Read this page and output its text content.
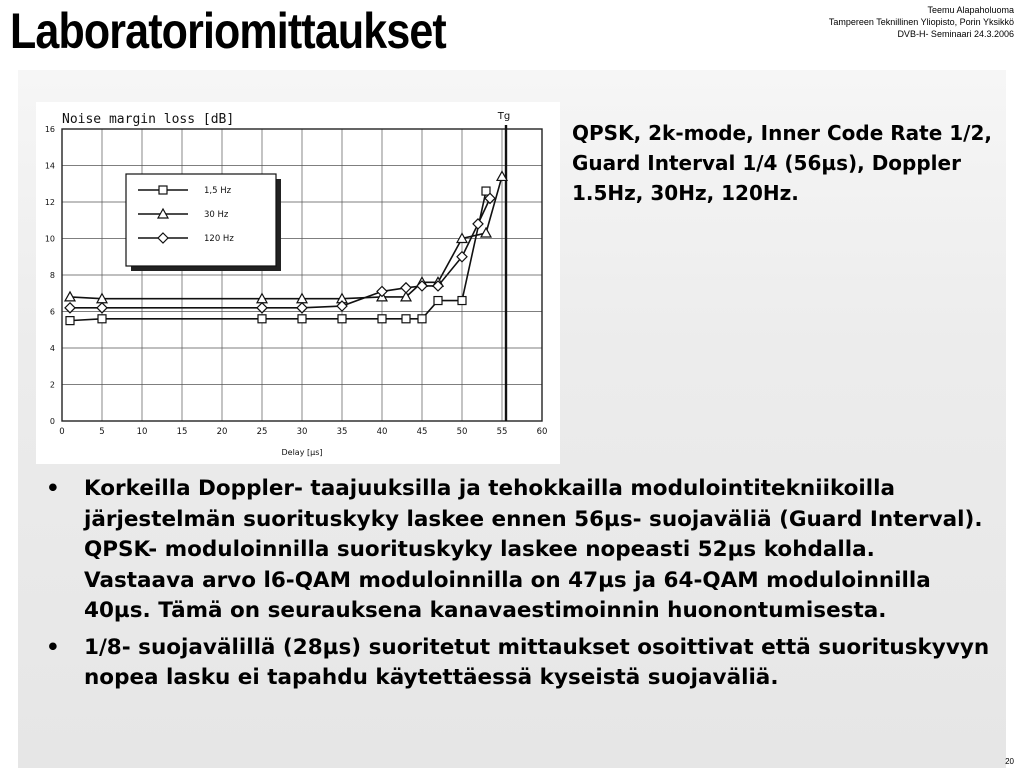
Laboratoriomittaukset	Teemu Alapaholuoma
Tampereen Teknillinen Yliopisto, Porin Yksikkö
DVB-H- Seminaari 24.3.2006
Noise margin loss [dB]	Tg
0	5	10	15	20	25	30	35	40	45	50	55	60
0
2
4
6
8
10
12
14
16
1,5 Hz
30 Hz
120 Hz
Delay [µs]
QPSK, 2k-mode, Inner Code Rate 1/2, Guard Interval 1/4 (56µs), Doppler 1.5Hz, 30Hz, 120Hz.
• Korkeilla Doppler- taajuuksilla ja tehokkailla modulointitekniikoilla järjestelmän suorituskyky laskee ennen 56µs- suojaväliä (Guard Interval). QPSK- moduloinnilla suorituskyky laskee nopeasti 52µs kohdalla. Vastaava arvo l6-QAM moduloinnilla on 47µs ja 64-QAM moduloinnilla 40µs. Tämä on seurauksena kanavaestimoinnin huonontumisesta.
• 1/8- suojavälillä (28µs) suoritetut mittaukset osoittivat että suorituskyvyn nopea lasku ei tapahdu käytettäessä kyseistä suojaväliä.
20
